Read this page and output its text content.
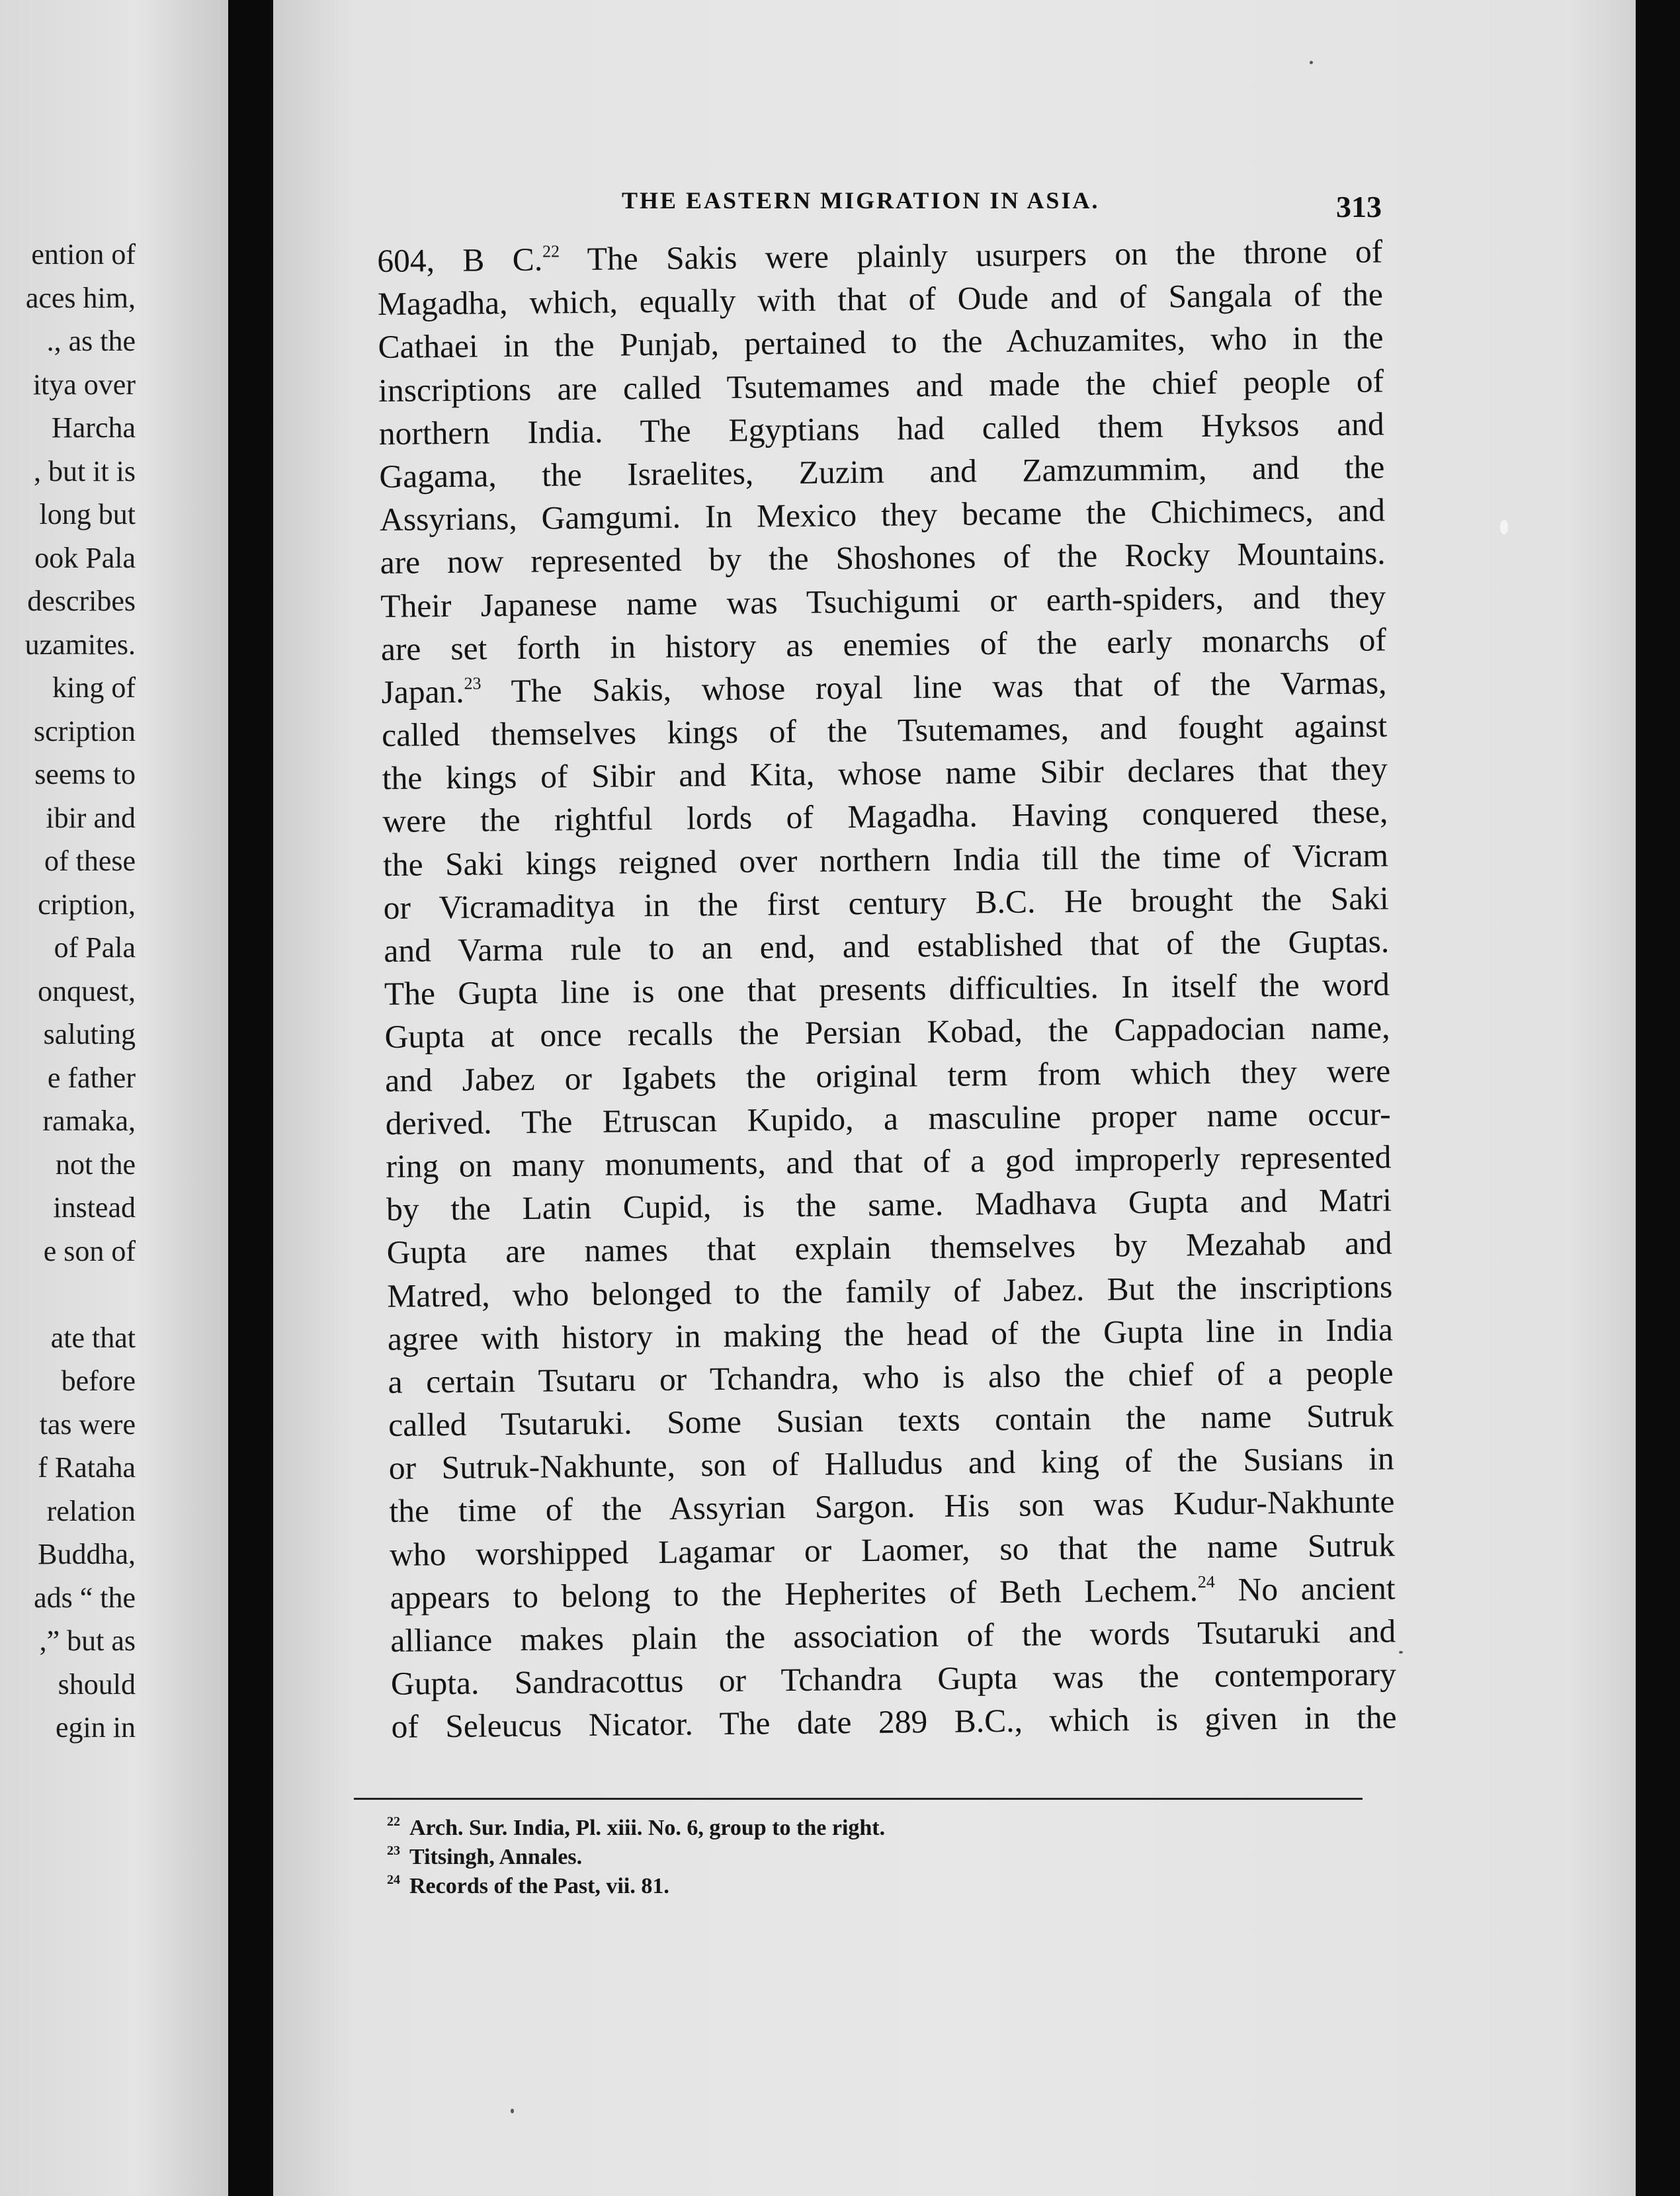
ention of
aces him,
., as the
itya over
Harcha
, but it is
long but
ook Pala
describes
uzamites.
king of
scription
seems to
ibir and
of these
cription,
of Pala
onquest,
saluting
e father
ramaka,
not the
instead
e son of
ate that
before
tas were
f Rataha
relation
Buddha,
ads “ the
,” but as
should
egin in
THE EASTERN MIGRATION IN ASIA.	313
604, B C.$^{22}$ The Sakis were plainly usurpers on the throne of
Magadha, which, equally with that of Oude and of Sangala of the
Cathaei in the Punjab, pertained to the Achuzamites, who in the
inscriptions are called Tsutemames and made the chief people of
northern India. The Egyptians had called them Hyksos and
Gagama, the Israelites, Zuzim and Zamzummim, and the
Assyrians, Gamgumi. In Mexico they became the Chichimecs, and
are now represented by the Shoshones of the Rocky Mountains.
Their Japanese name was Tsuchigumi or earth-spiders, and they
are set forth in history as enemies of the early monarchs of
Japan.$^{23}$ The Sakis, whose royal line was that of the Varmas,
called themselves kings of the Tsutemames, and fought against
the kings of Sibir and Kita, whose name Sibir declares that they
were the rightful lords of Magadha. Having conquered these,
the Saki kings reigned over northern India till the time of Vicram
or Vicramaditya in the first century B.C. He brought the Saki
and Varma rule to an end, and established that of the Guptas.
The Gupta line is one that presents difficulties. In itself the word
Gupta at once recalls the Persian Kobad, the Cappadocian name,
and Jabez or Igabets the original term from which they were
derived. The Etruscan Kupido, a masculine proper name occur-
ring on many monuments, and that of a god improperly represented
by the Latin Cupid, is the same. Madhava Gupta and Matri
Gupta are names that explain themselves by Mezahab and
Matred, who belonged to the family of Jabez. But the inscriptions
agree with history in making the head of the Gupta line in India
a certain Tsutaru or Tchandra, who is also the chief of a people
called Tsutaruki. Some Susian texts contain the name Sutruk
or Sutruk-Nakhunte, son of Halludus and king of the Susians in
the time of the Assyrian Sargon. His son was Kudur-Nakhunte
who worshipped Lagamar or Laomer, so that the name Sutruk
appears to belong to the Hepherites of Beth Lechem.$^{24}$ No ancient
alliance makes plain the association of the words Tsutaruki and
Gupta. Sandracottus or Tchandra Gupta was the contemporary
of Seleucus Nicator. The date 289 B.C., which is given in the
$^{22}$ Arch. Sur. India, Pl. xiii. No. 6, group to the right.
$^{23}$ Titsingh, Annales.
$^{24}$ Records of the Past, vii. 81.
